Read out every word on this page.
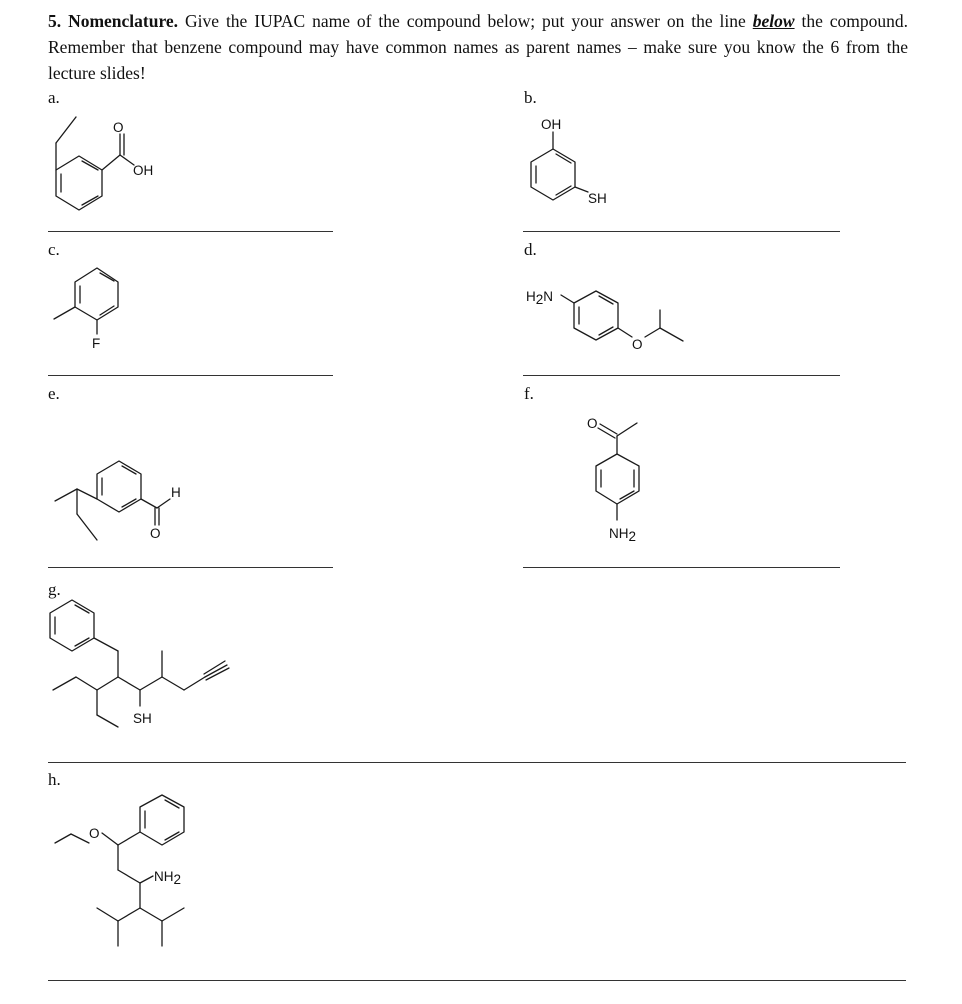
5. Nomenclature. Give the IUPAC name of the compound below; put your answer on the line below the compound. Remember that benzene compound may have common names as parent names – make sure you know the 6 from the lecture slides!
a.	b.
c.	d.
e.	f.
g.
h.
O
OH
OH
SH
F
H2N
O
H
O
O
NH2
SH
O
NH2
